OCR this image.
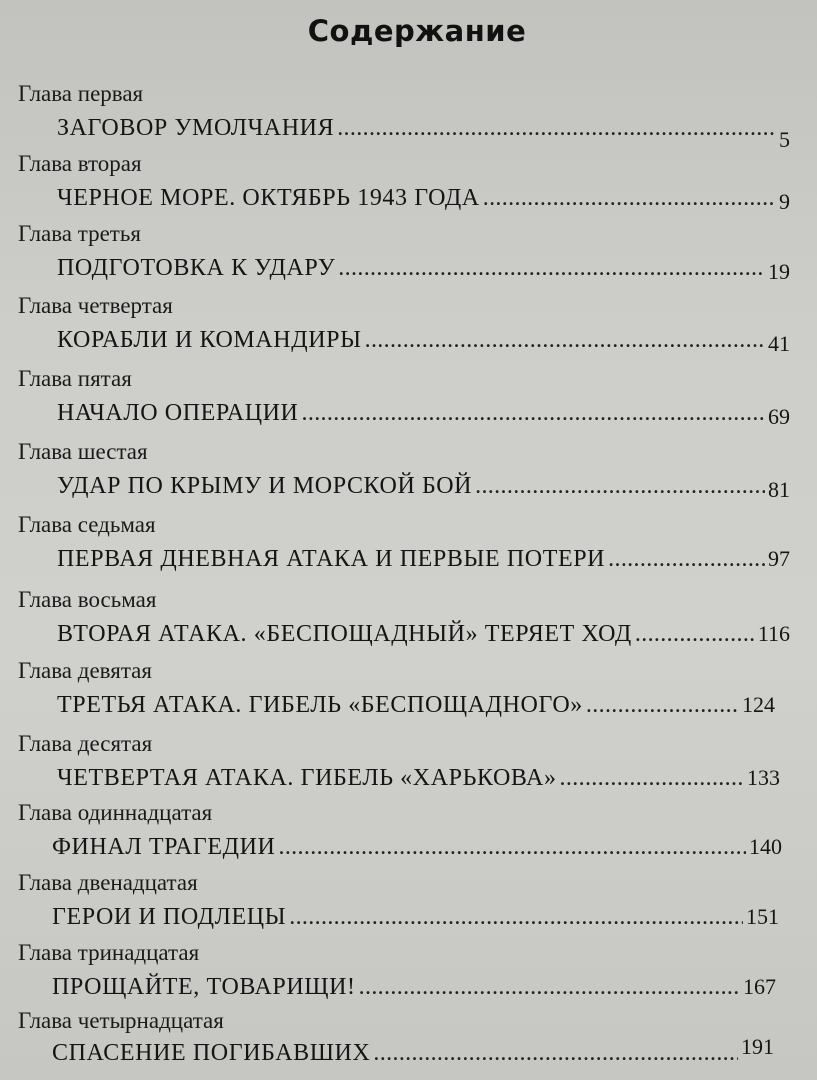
Содержание
Глава первая
ЗАГОВОР УМОЛЧАНИЯ .....	5
Глава вторая
ЧЕРНОЕ МОРЕ. ОКТЯБРЬ 1943 ГОДА .....	9
Глава третья
ПОДГОТОВКА К УДАРУ .....	19
Глава четвертая
КОРАБЛИ И КОМАНДИРЫ .....	41
Глава пятая
НАЧАЛО ОПЕРАЦИИ .....	69
Глава шестая
УДАР ПО КРЫМУ И МОРСКОЙ БОЙ .....	81
Глава седьмая
ПЕРВАЯ ДНЕВНАЯ АТАКА И ПЕРВЫЕ ПОТЕРИ .....	97
Глава восьмая
ВТОРАЯ АТАКА. «БЕСПОЩАДНЫЙ» ТЕРЯЕТ ХОД .....	116
Глава девятая
ТРЕТЬЯ АТАКА. ГИБЕЛЬ «БЕСПОЩАДНОГО» .....	124
Глава десятая
ЧЕТВЕРТАЯ АТАКА. ГИБЕЛЬ «ХАРЬКОВА» .....	133
Глава одиннадцатая
ФИНАЛ ТРАГЕДИИ .....	140
Глава двенадцатая
ГЕРОИ И ПОДЛЕЦЫ .....	151
Глава тринадцатая
ПРОЩАЙТЕ, ТОВАРИЩИ! .....	167
Глава четырнадцатая
СПАСЕНИЕ ПОГИБАВШИХ .....	191
